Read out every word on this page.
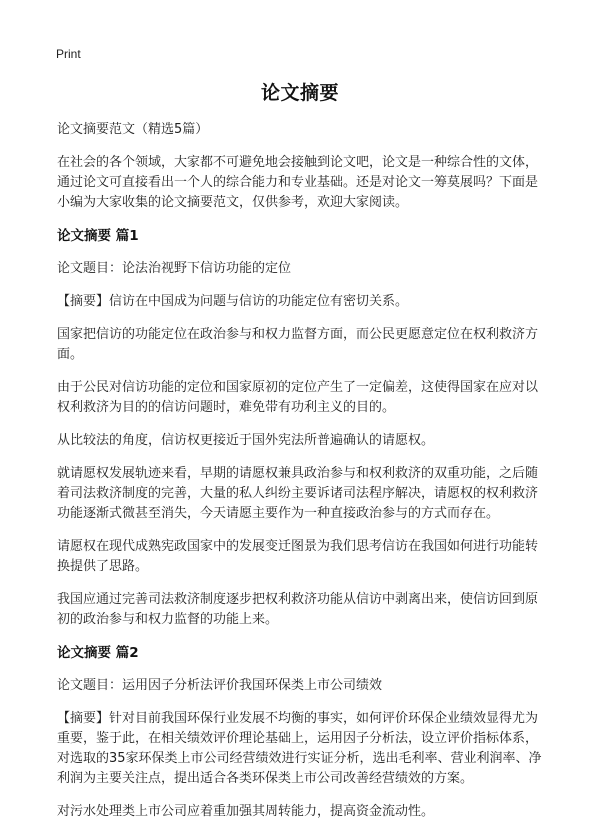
Print
论文摘要

论文摘要范文（精选5篇）

在社会的各个领域，大家都不可避免地会接触到论文吧，论文是一种综合性的文体，通过论文可直接看出一个人的综合能力和专业基础。还是对论文一筹莫展吗？下面是小编为大家收集的论文摘要范文，仅供参考，欢迎大家阅读。

论文摘要 篇1

论文题目：论法治视野下信访功能的定位

【摘要】信访在中国成为问题与信访的功能定位有密切关系。

国家把信访的功能定位在政治参与和权力监督方面，而公民更愿意定位在权利救济方面。

由于公民对信访功能的定位和国家原初的定位产生了一定偏差，这使得国家在应对以权利救济为目的的信访问题时，难免带有功利主义的目的。

从比较法的角度，信访权更接近于国外宪法所普遍确认的请愿权。

就请愿权发展轨迹来看，早期的请愿权兼具政治参与和权利救济的双重功能，之后随着司法救济制度的完善，大量的私人纠纷主要诉诸司法程序解决，请愿权的权利救济功能逐渐式微甚至消失，今天请愿主要作为一种直接政治参与的方式而存在。

请愿权在现代成熟宪政国家中的发展变迁图景为我们思考信访在我国如何进行功能转换提供了思路。

我国应通过完善司法救济制度逐步把权利救济功能从信访中剥离出来，使信访回到原初的政治参与和权力监督的功能上来。

论文摘要 篇2

论文题目：运用因子分析法评价我国环保类上市公司绩效

【摘要】针对目前我国环保行业发展不均衡的事实，如何评价环保企业绩效显得尤为重要，鉴于此，在相关绩效评价理论基础上，运用因子分析法，设立评价指标体系，对选取的35家环保类上市公司经营绩效进行实证分析，选出毛利率、营业利润率、净利润为主要关注点，提出适合各类环保类上市公司改善经营绩效的方案。

对污水处理类上市公司应着重加强其周转能力，提高资金流动性。
